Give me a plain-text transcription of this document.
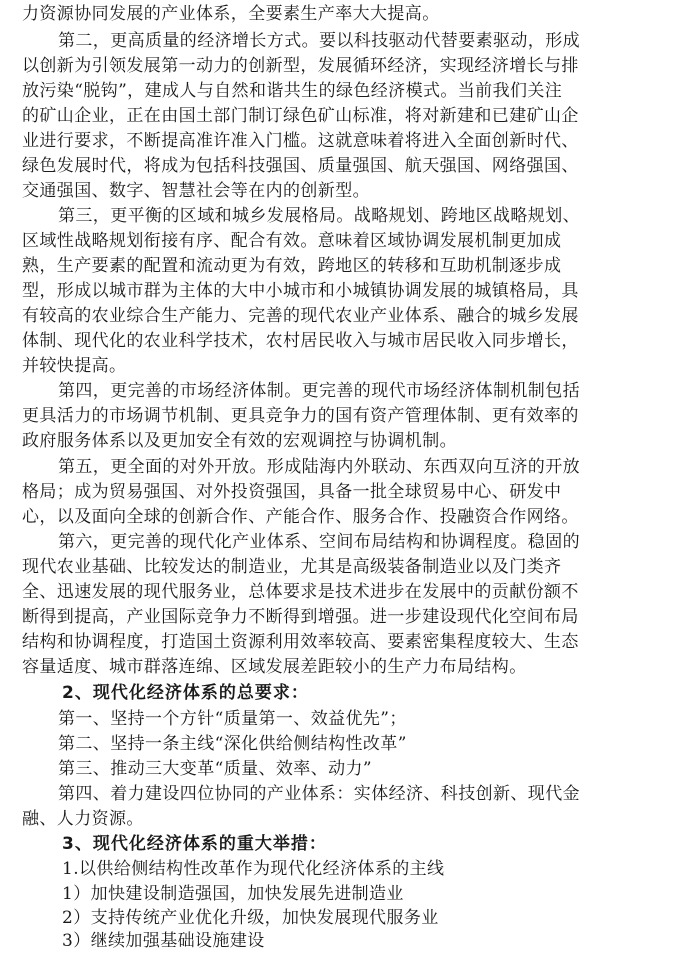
力资源协同发展的产业体系，全要素生产率大大提高。
第二，更高质量的经济增长方式。要以科技驱动代替要素驱动，形成
以创新为引领发展第一动力的创新型，发展循环经济，实现经济增长与排
放污染“脱钩”，建成人与自然和谐共生的绿色经济模式。当前我们关注
的矿山企业，正在由国土部门制订绿色矿山标准，将对新建和已建矿山企
业进行要求，不断提高准许准入门槛。这就意味着将进入全面创新时代、
绿色发展时代，将成为包括科技强国、质量强国、航天强国、网络强国、
交通强国、数字、智慧社会等在内的创新型。
第三，更平衡的区域和城乡发展格局。战略规划、跨地区战略规划、
区域性战略规划衔接有序、配合有效。意味着区域协调发展机制更加成
熟，生产要素的配置和流动更为有效，跨地区的转移和互助机制逐步成
型，形成以城市群为主体的大中小城市和小城镇协调发展的城镇格局，具
有较高的农业综合生产能力、完善的现代农业产业体系、融合的城乡发展
体制、现代化的农业科学技术，农村居民收入与城市居民收入同步增长，
并较快提高。
第四，更完善的市场经济体制。更完善的现代市场经济体制机制包括
更具活力的市场调节机制、更具竞争力的国有资产管理体制、更有效率的
政府服务体系以及更加安全有效的宏观调控与协调机制。
第五，更全面的对外开放。形成陆海内外联动、东西双向互济的开放
格局；成为贸易强国、对外投资强国，具备一批全球贸易中心、研发中
心，以及面向全球的创新合作、产能合作、服务合作、投融资合作网络。
第六，更完善的现代化产业体系、空间布局结构和协调程度。稳固的
现代农业基础、比较发达的制造业，尤其是高级装备制造业以及门类齐
全、迅速发展的现代服务业，总体要求是技术进步在发展中的贡献份额不
断得到提高，产业国际竞争力不断得到增强。进一步建设现代化空间布局
结构和协调程度，打造国土资源利用效率较高、要素密集程度较大、生态
容量适度、城市群落连绵、区域发展差距较小的生产力布局结构。
2、现代化经济体系的总要求：
第一、坚持一个方针“质量第一、效益优先”；
第二、坚持一条主线“深化供给侧结构性改革”
第三、推动三大变革“质量、效率、动力”
第四、着力建设四位协同的产业体系：实体经济、科技创新、现代金
融、人力资源。
3、现代化经济体系的重大举措：
1.以供给侧结构性改革作为现代化经济体系的主线
1）加快建设制造强国，加快发展先进制造业
2）支持传统产业优化升级，加快发展现代服务业
3）继续加强基础设施建设
